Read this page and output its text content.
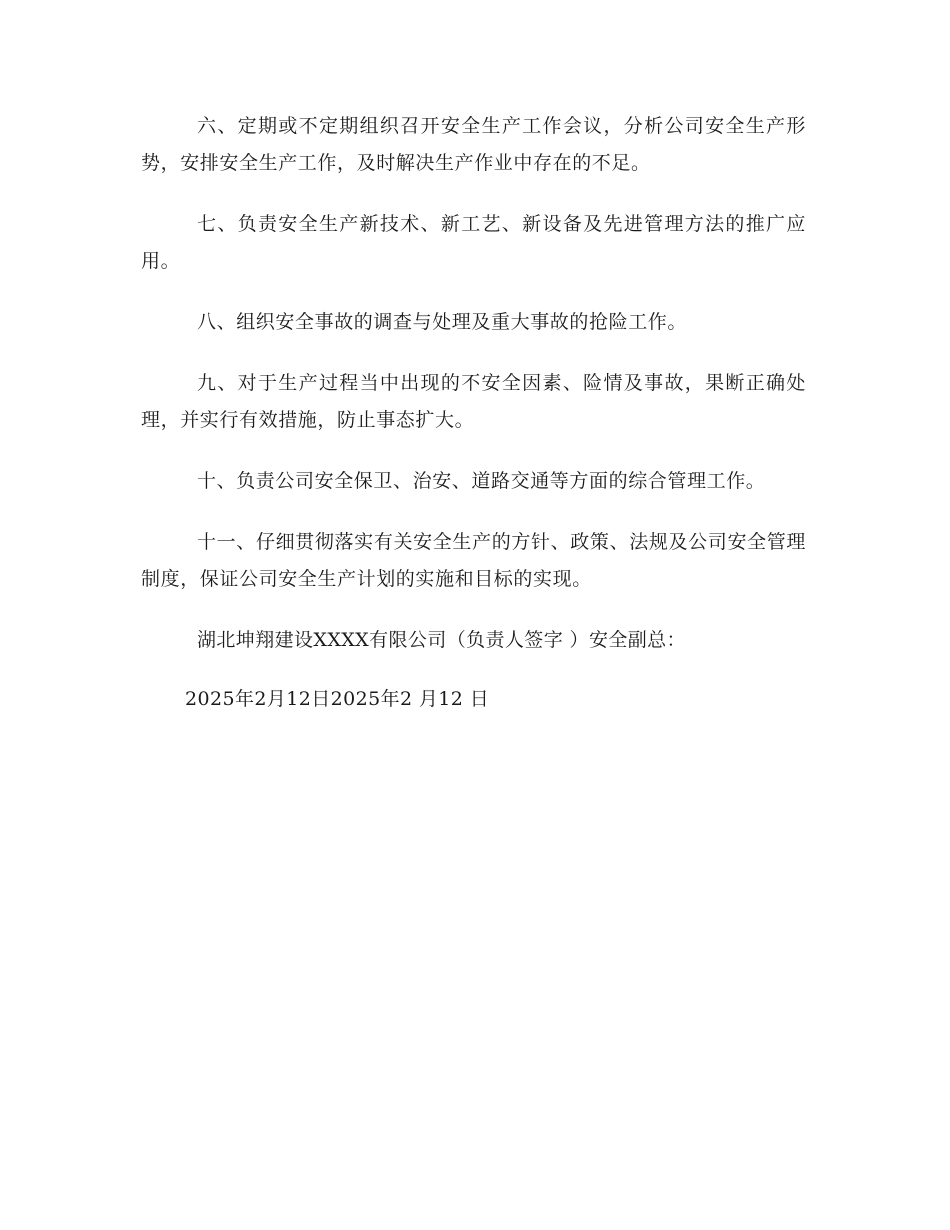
六、定期或不定期组织召开安全生产工作会议，分析公司安全生产形势，安排安全生产工作，及时解决生产作业中存在的不足。

七、负责安全生产新技术、新工艺、新设备及先进管理方法的推广应用。

八、组织安全事故的调查与处理及重大事故的抢险工作。

九、对于生产过程当中出现的不安全因素、险情及事故，果断正确处理，并实行有效措施，防止事态扩大。

十、负责公司安全保卫、治安、道路交通等方面的综合管理工作。

十一、仔细贯彻落实有关安全生产的方针、政策、法规及公司安全管理制度，保证公司安全生产计划的实施和目标的实现。

湖北坤翔建设XXXX有限公司（负责人签字 ）安全副总：

2025年2月12日2025年2 月12 日
